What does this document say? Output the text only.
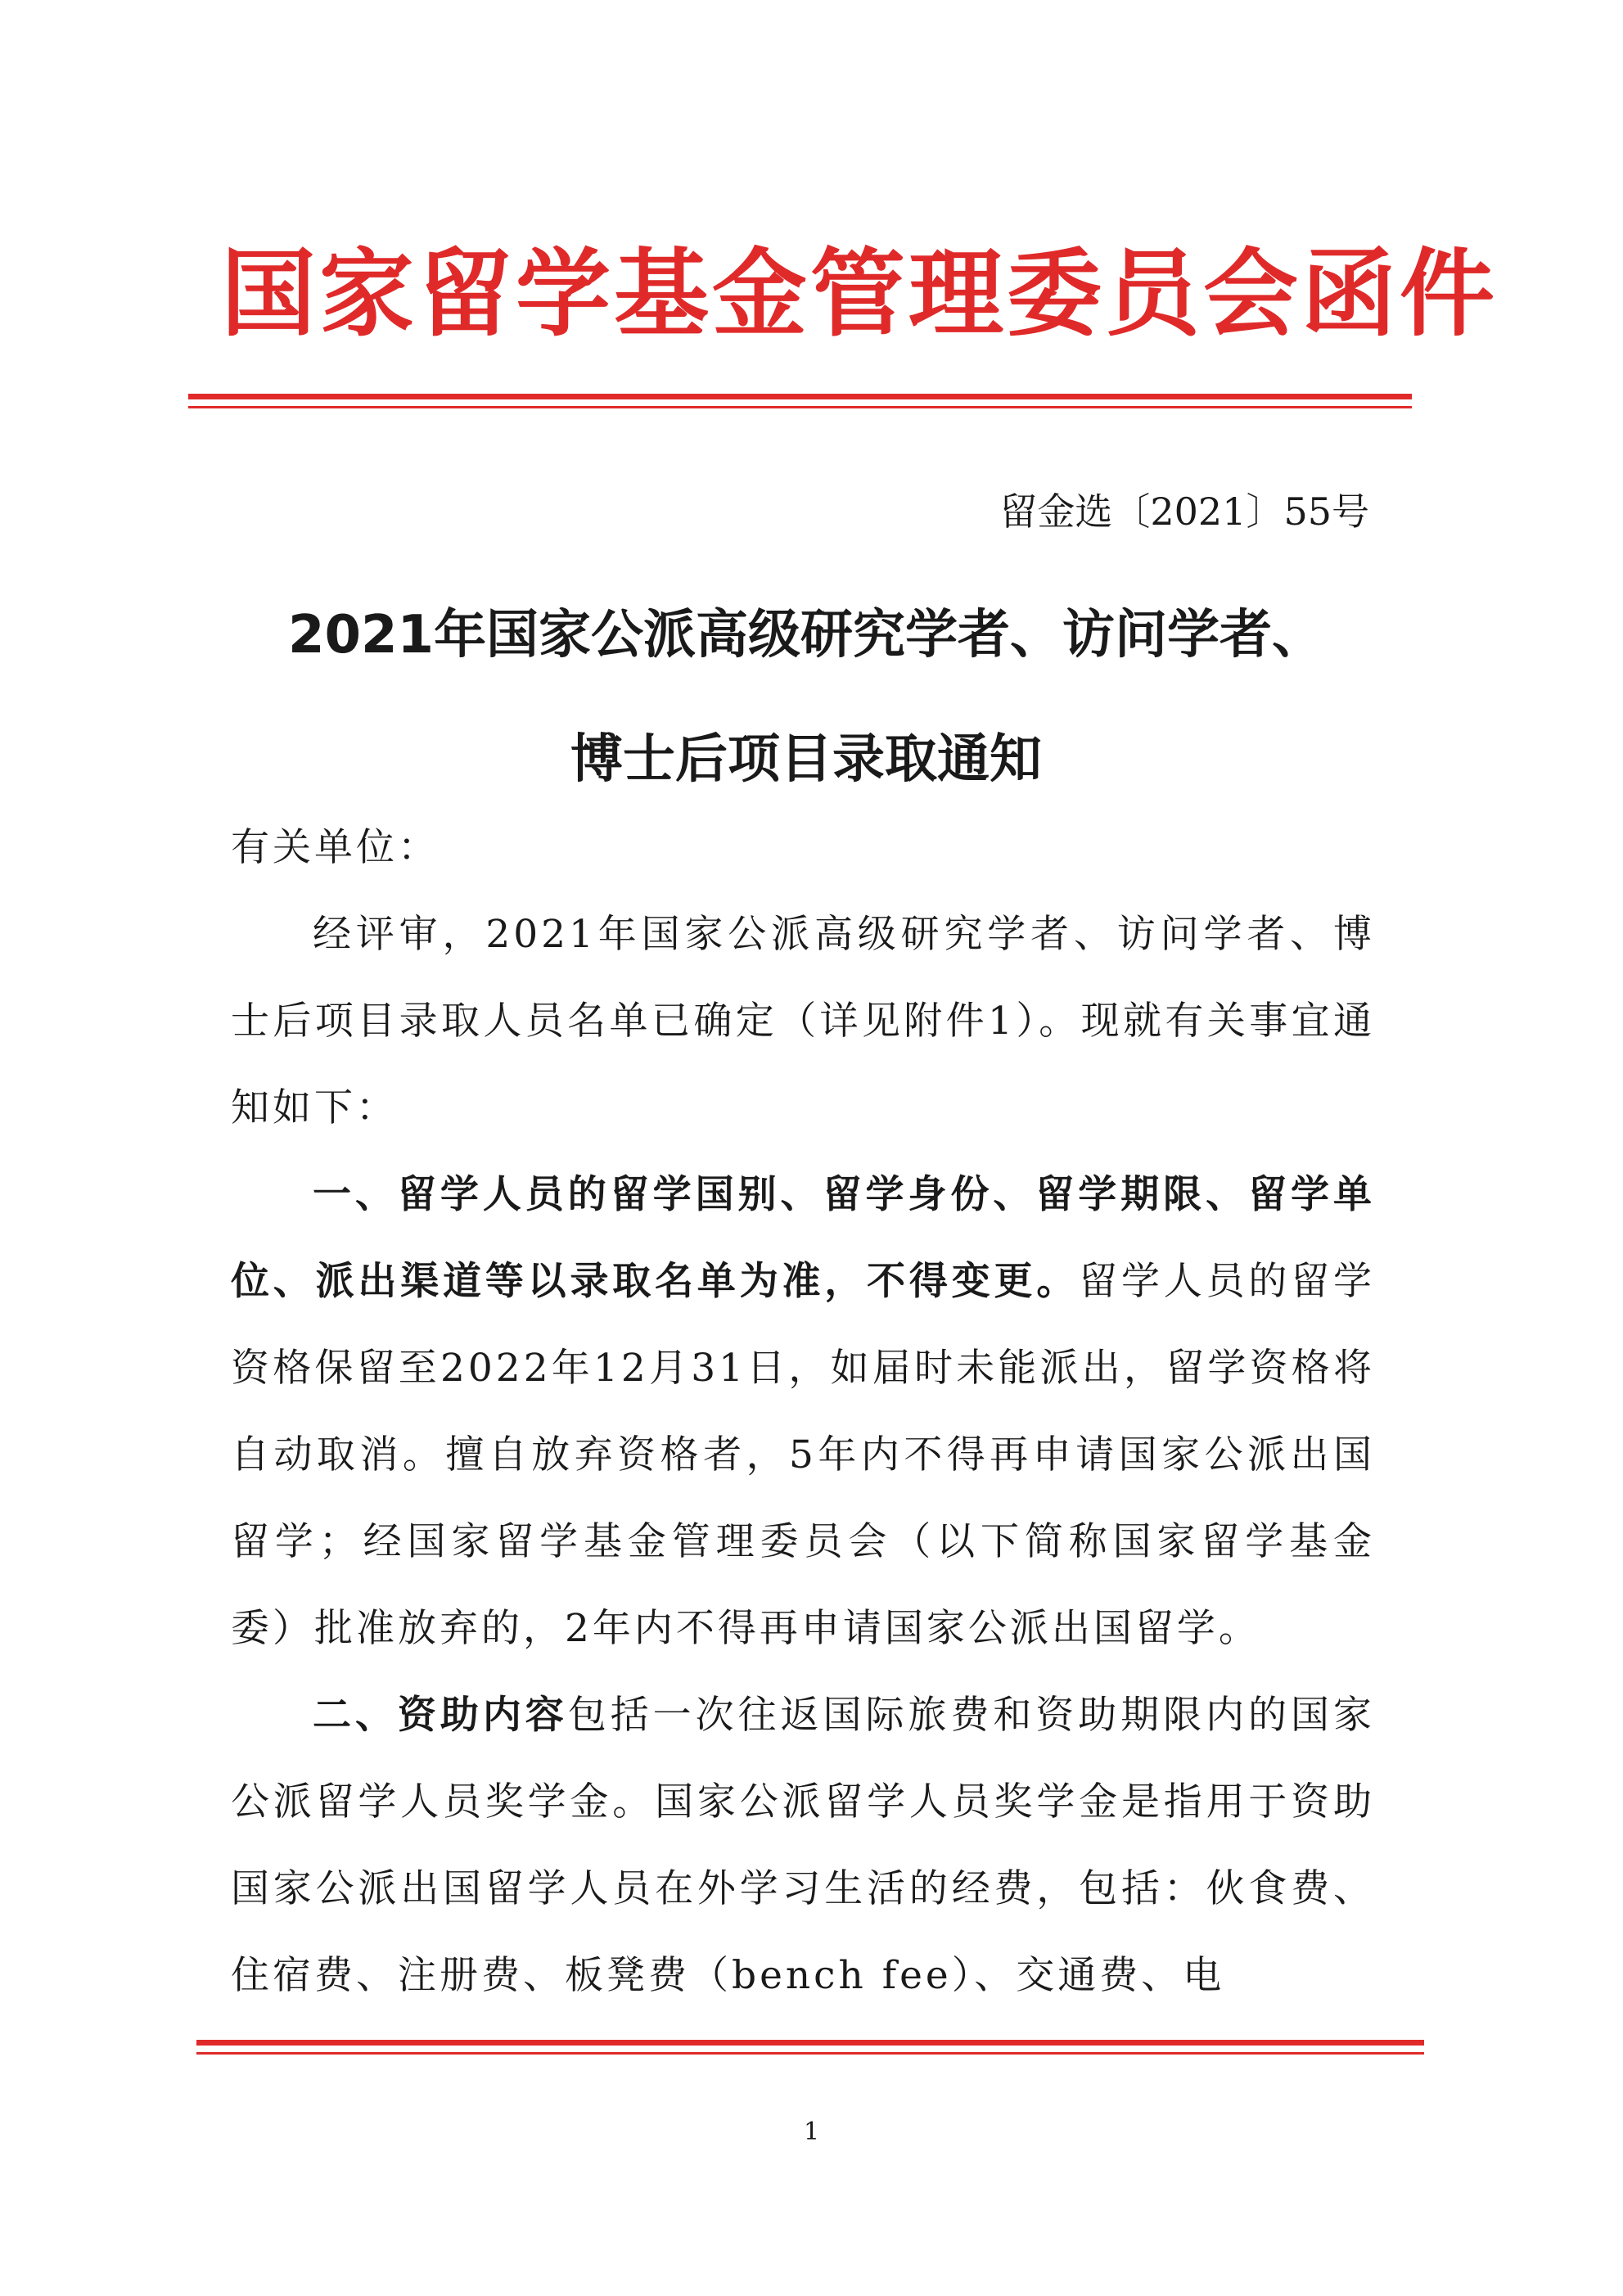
国家留学基金管理委员会函件
留金选〔2021〕55号
2021年国家公派高级研究学者、访问学者、
博士后项目录取通知

有关单位：

经评审，2021年国家公派高级研究学者、访问学者、博士后项目录取人员名单已确定（详见附件1）。现就有关事宜通知如下：

一、留学人员的留学国别、留学身份、留学期限、留学单位、派出渠道等以录取名单为准，不得变更。留学人员的留学资格保留至2022年12月31日，如届时未能派出，留学资格将自动取消。擅自放弃资格者，5年内不得再申请国家公派出国留学；经国家留学基金管理委员会（以下简称国家留学基金委）批准放弃的，2年内不得再申请国家公派出国留学。

二、资助内容包括一次往返国际旅费和资助期限内的国家公派留学人员奖学金。国家公派留学人员奖学金是指用于资助国家公派出国留学人员在外学习生活的经费，包括：伙食费、住宿费、注册费、板凳费（bench fee）、交通费、电

1
